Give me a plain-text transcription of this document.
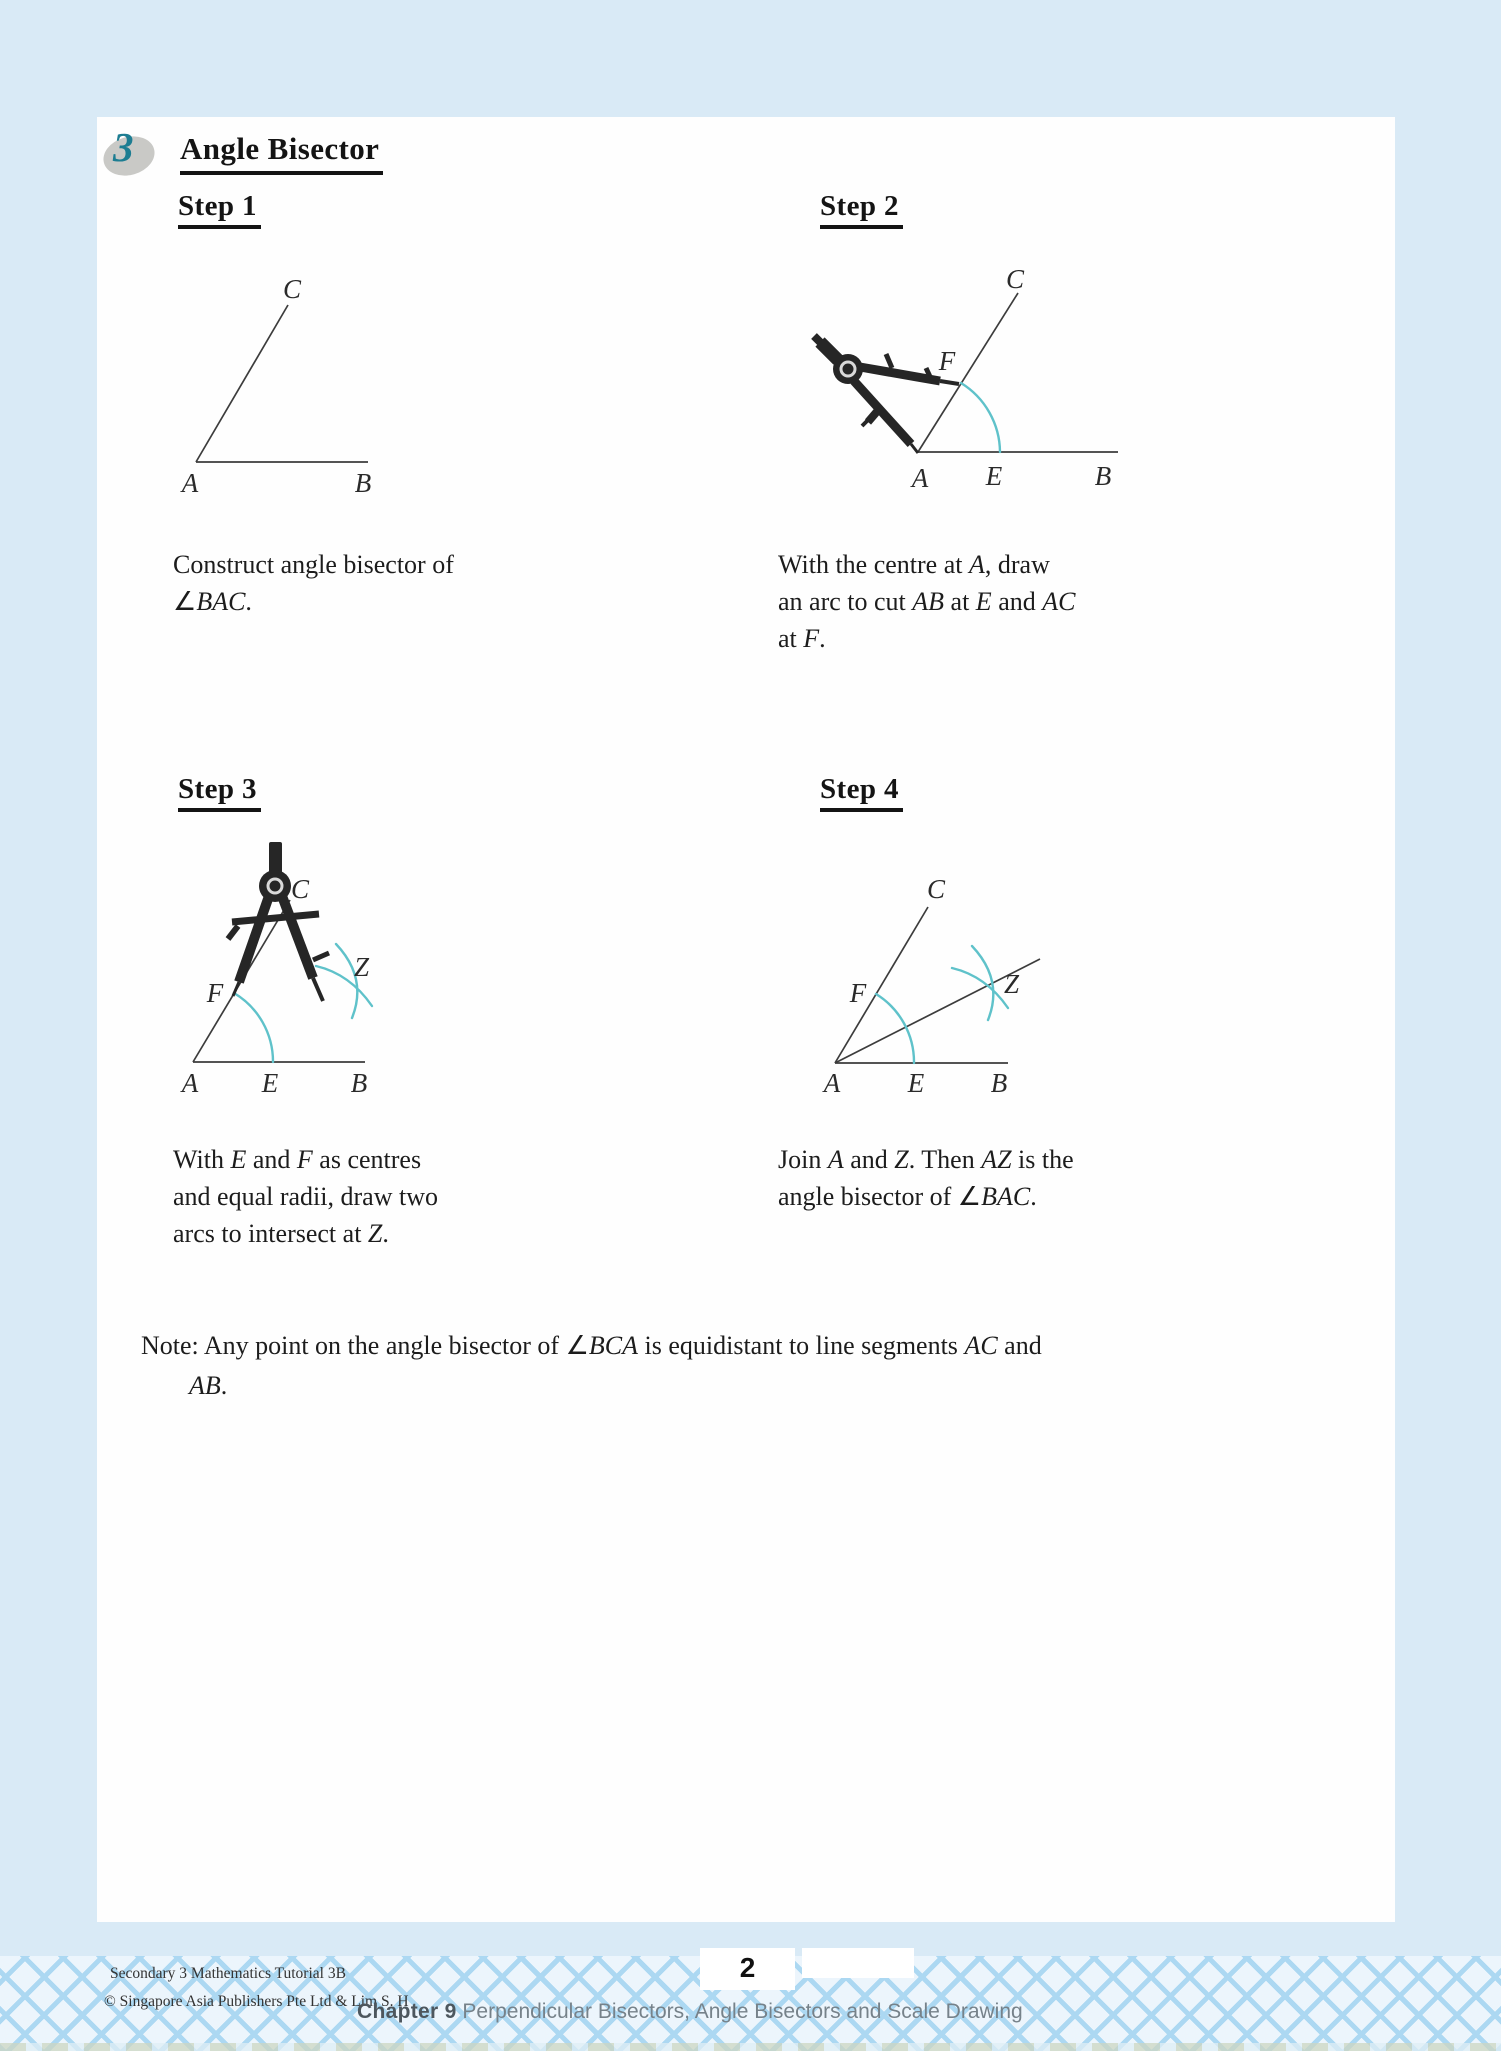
3 Angle Bisector
Step 1	Step 2
Step 3	Step 4
A	B
C
A	B
C
E
F
A	B
C
E
F
Z
A	B
C
E
F	Z
Construct angle bisector of
∠BAC.
With the centre at A, draw
an arc to cut AB at E and AC
at F.
With E and F as centres
and equal radii, draw two
arcs to intersect at Z.
Join A and Z. Then AZ is the
angle bisector of ∠BAC.
Note: Any point on the angle bisector of ∠BCA is equidistant to line segments AC and
AB.
Secondary 3 Mathematics Tutorial 3B
© Singapore Asia Publishers Pte Ltd & Lim S. H
2
Chapter 9 Perpendicular Bisectors, Angle Bisectors and Scale Drawing
